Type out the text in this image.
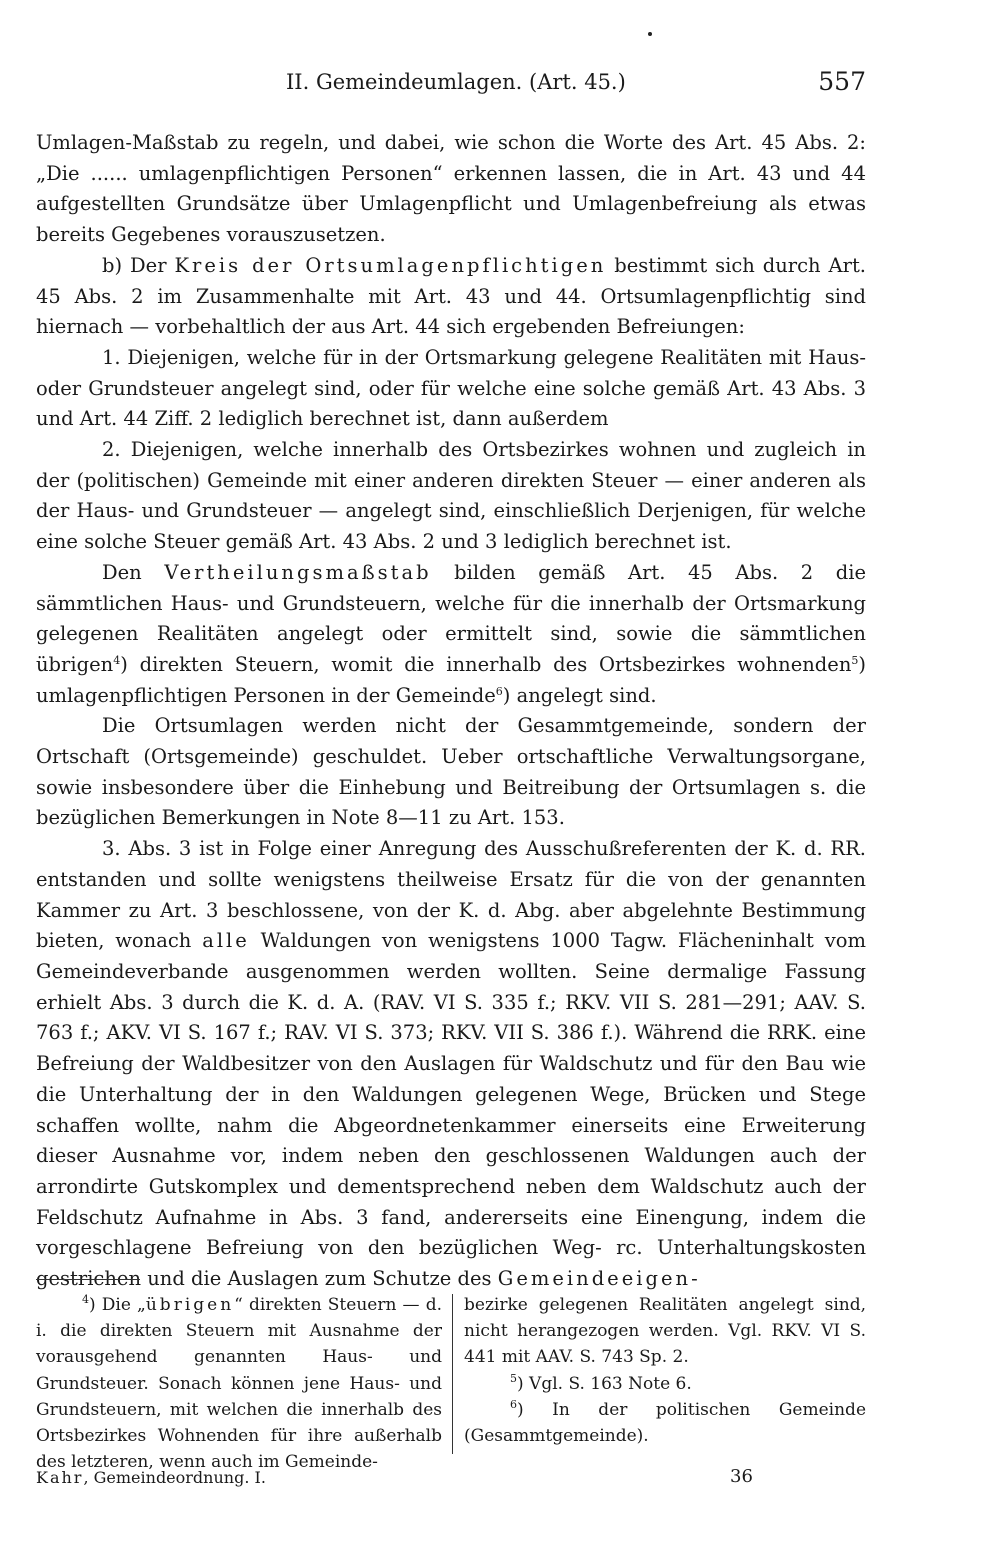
II. Gemeindeumlagen. (Art. 45.)	557

Umlagen-Maßstab zu regeln, und dabei, wie schon die Worte des Art. 45 Abs. 2: „Die ...... umlagenpflichtigen Personen“ erkennen lassen, die in Art. 43 und 44 aufgestellten Grundsätze über Umlagenpflicht und Umlagenbefreiung als etwas bereits Gegebenes vorauszusetzen.

b) Der Kreis der Ortsumlagenpflichtigen bestimmt sich durch Art. 45 Abs. 2 im Zusammenhalte mit Art. 43 und 44. Ortsumlagenpflichtig sind hiernach — vorbehaltlich der aus Art. 44 sich ergebenden Befreiungen:

1. Diejenigen, welche für in der Ortsmarkung gelegene Realitäten mit Haus- oder Grundsteuer angelegt sind, oder für welche eine solche gemäß Art. 43 Abs. 3 und Art. 44 Ziff. 2 lediglich berechnet ist, dann außerdem

2. Diejenigen, welche innerhalb des Ortsbezirkes wohnen und zugleich in der (politischen) Gemeinde mit einer anderen direkten Steuer — einer anderen als der Haus- und Grundsteuer — angelegt sind, einschließlich Derjenigen, für welche eine solche Steuer gemäß Art. 43 Abs. 2 und 3 lediglich berechnet ist.

Den Vertheilungsmaßstab bilden gemäß Art. 45 Abs. 2 die sämmtlichen Haus- und Grundsteuern, welche für die innerhalb der Ortsmarkung gelegenen Realitäten angelegt oder ermittelt sind, sowie die sämmtlichen übrigen$^4$) direkten Steuern, womit die innerhalb des Ortsbezirkes wohnenden$^5$) umlagenpflichtigen Personen in der Gemeinde$^6$) angelegt sind.

Die Ortsumlagen werden nicht der Gesammtgemeinde, sondern der Ortschaft (Ortsgemeinde) geschuldet. Ueber ortschaftliche Verwaltungsorgane, sowie insbesondere über die Einhebung und Beitreibung der Ortsumlagen s. die bezüglichen Bemerkungen in Note 8—11 zu Art. 153.

3. Abs. 3 ist in Folge einer Anregung des Ausschußreferenten der K. d. RR. entstanden und sollte wenigstens theilweise Ersatz für die von der genannten Kammer zu Art. 3 beschlossene, von der K. d. Abg. aber abgelehnte Bestimmung bieten, wonach alle Waldungen von wenigstens 1000 Tagw. Flächeninhalt vom Gemeindeverbande ausgenommen werden wollten. Seine dermalige Fassung erhielt Abs. 3 durch die K. d. A. (RAV. VI S. 335 f.; RKV. VII S. 281—291; AAV. S. 763 f.; AKV. VI S. 167 f.; RAV. VI S. 373; RKV. VII S. 386 f.). Während die RRK. eine Befreiung der Waldbesitzer von den Auslagen für Waldschutz und für den Bau wie die Unterhaltung der in den Waldungen gelegenen Wege, Brücken und Stege schaffen wollte, nahm die Abgeordnetenkammer einerseits eine Erweiterung dieser Ausnahme vor, indem neben den geschlossenen Waldungen auch der arrondirte Gutskomplex und dementsprechend neben dem Waldschutz auch der Feldschutz Aufnahme in Abs. 3 fand, andererseits eine Einengung, indem die vorgeschlagene Befreiung von den bezüglichen Weg- rc. Unterhaltungskosten gestrichen und die Auslagen zum Schutze des Gemeindeeigen-

$^4$) Die „übrigen“ direkten Steuern — d. i. die direkten Steuern mit Ausnahme der vorausgehend genannten Haus- und Grundsteuer. Sonach können jene Haus- und Grundsteuern, mit welchen die innerhalb des Ortsbezirkes Wohnenden für ihre außerhalb des letzteren, wenn auch im Gemeinde-

bezirke gelegenen Realitäten angelegt sind, nicht herangezogen werden. Vgl. RKV. VI S. 441 mit AAV. S. 743 Sp. 2.

$^5$) Vgl. S. 163 Note 6.

$^6$) In der politischen Gemeinde (Gesammtgemeinde).

Kahr, Gemeindeordnung. I.	36
